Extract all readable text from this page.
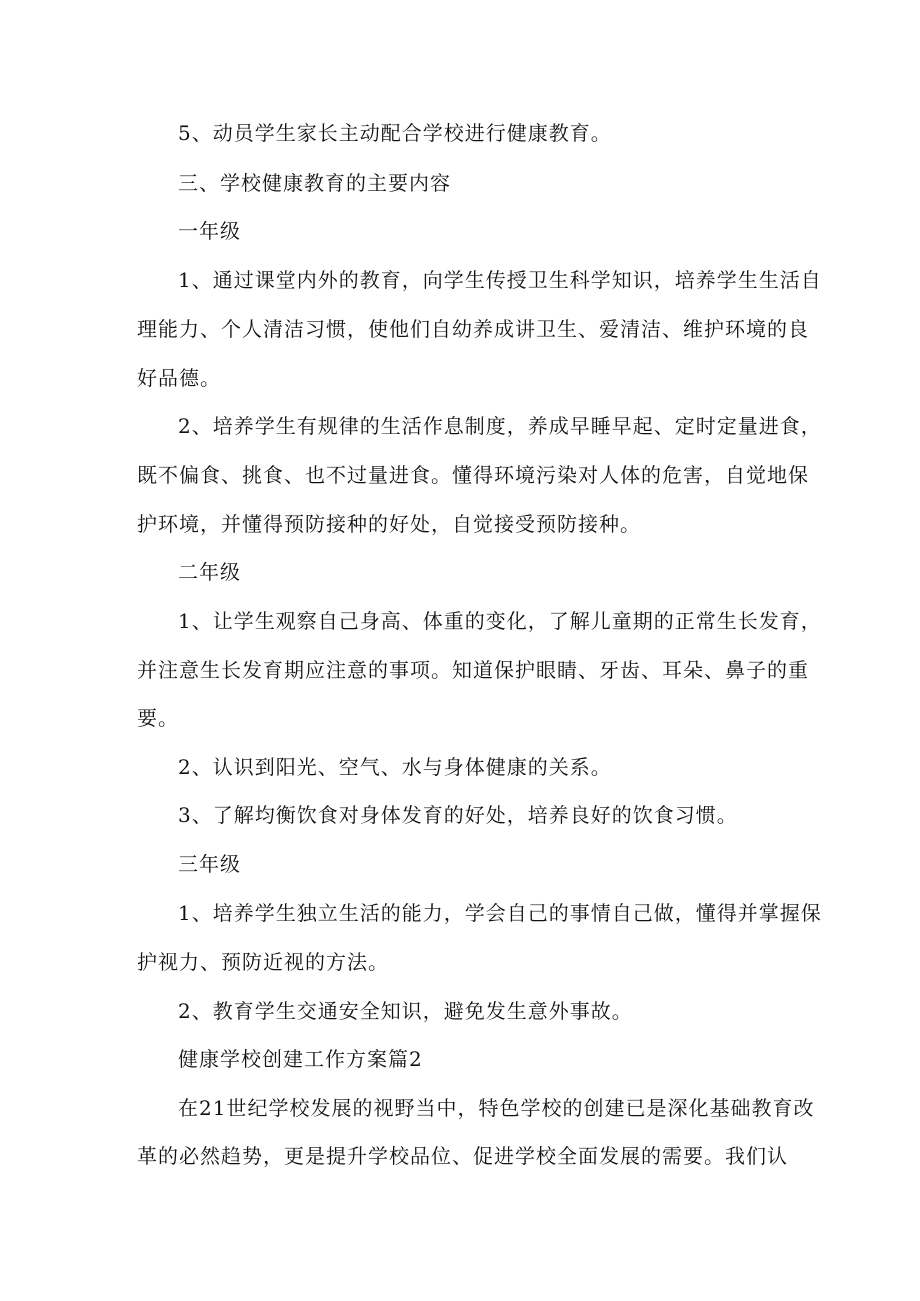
5、动员学生家长主动配合学校进行健康教育。
三、学校健康教育的主要内容
一年级
1、通过课堂内外的教育，向学生传授卫生科学知识，培养学生生活自
理能力、个人清洁习惯，使他们自幼养成讲卫生、爱清洁、维护环境的良
好品德。
2、培养学生有规律的生活作息制度，养成早睡早起、定时定量进食，
既不偏食、挑食、也不过量进食。懂得环境污染对人体的危害，自觉地保
护环境，并懂得预防接种的好处，自觉接受预防接种。
二年级
1、让学生观察自己身高、体重的变化，了解儿童期的正常生长发育，
并注意生长发育期应注意的事项。知道保护眼睛、牙齿、耳朵、鼻子的重
要。
2、认识到阳光、空气、水与身体健康的关系。
3、了解均衡饮食对身体发育的好处，培养良好的饮食习惯。
三年级
1、培养学生独立生活的能力，学会自己的事情自己做，懂得并掌握保
护视力、预防近视的方法。
2、教育学生交通安全知识，避免发生意外事故。
健康学校创建工作方案篇2
在21世纪学校发展的视野当中，特色学校的创建已是深化基础教育改
革的必然趋势，更是提升学校品位、促进学校全面发展的需要。我们认
